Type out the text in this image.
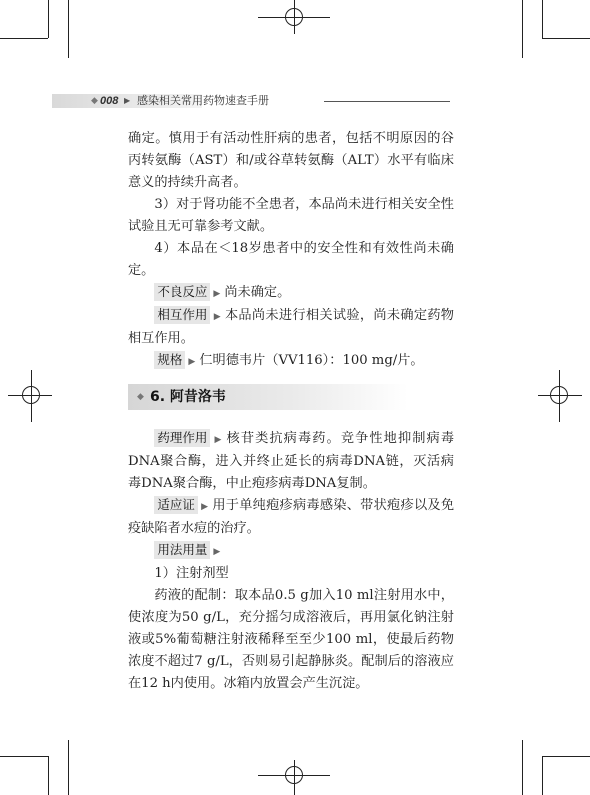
◆ 008 ▶ 感染相关常用药物速查手册

确定。慎用于有活动性肝病的患者，包括不明原因的谷丙转氨酶（AST）和/或谷草转氨酶（ALT）水平有临床意义的持续升高者。

3）对于肾功能不全患者，本品尚未进行相关安全性试验且无可靠参考文献。

4）本品在＜18岁患者中的安全性和有效性尚未确定。

不良反应 ▶ 尚未确定。

相互作用 ▶ 本品尚未进行相关试验，尚未确定药物相互作用。

规格 ▶ 仁明德韦片（VV116）：100 mg/片。

◆ 6. 阿昔洛韦

药理作用 ▶ 核苷类抗病毒药。竞争性地抑制病毒DNA聚合酶，进入并终止延长的病毒DNA链，灭活病毒DNA聚合酶，中止疱疹病毒DNA复制。

适应证 ▶ 用于单纯疱疹病毒感染、带状疱疹以及免疫缺陷者水痘的治疗。

用法用量 ▶

1）注射剂型

药液的配制：取本品0.5 g加入10 ml注射用水中，使浓度为50 g/L，充分摇匀成溶液后，再用氯化钠注射液或5%葡萄糖注射液稀释至至少100 ml，使最后药物浓度不超过7 g/L，否则易引起静脉炎。配制后的溶液应在12 h内使用。冰箱内放置会产生沉淀。
